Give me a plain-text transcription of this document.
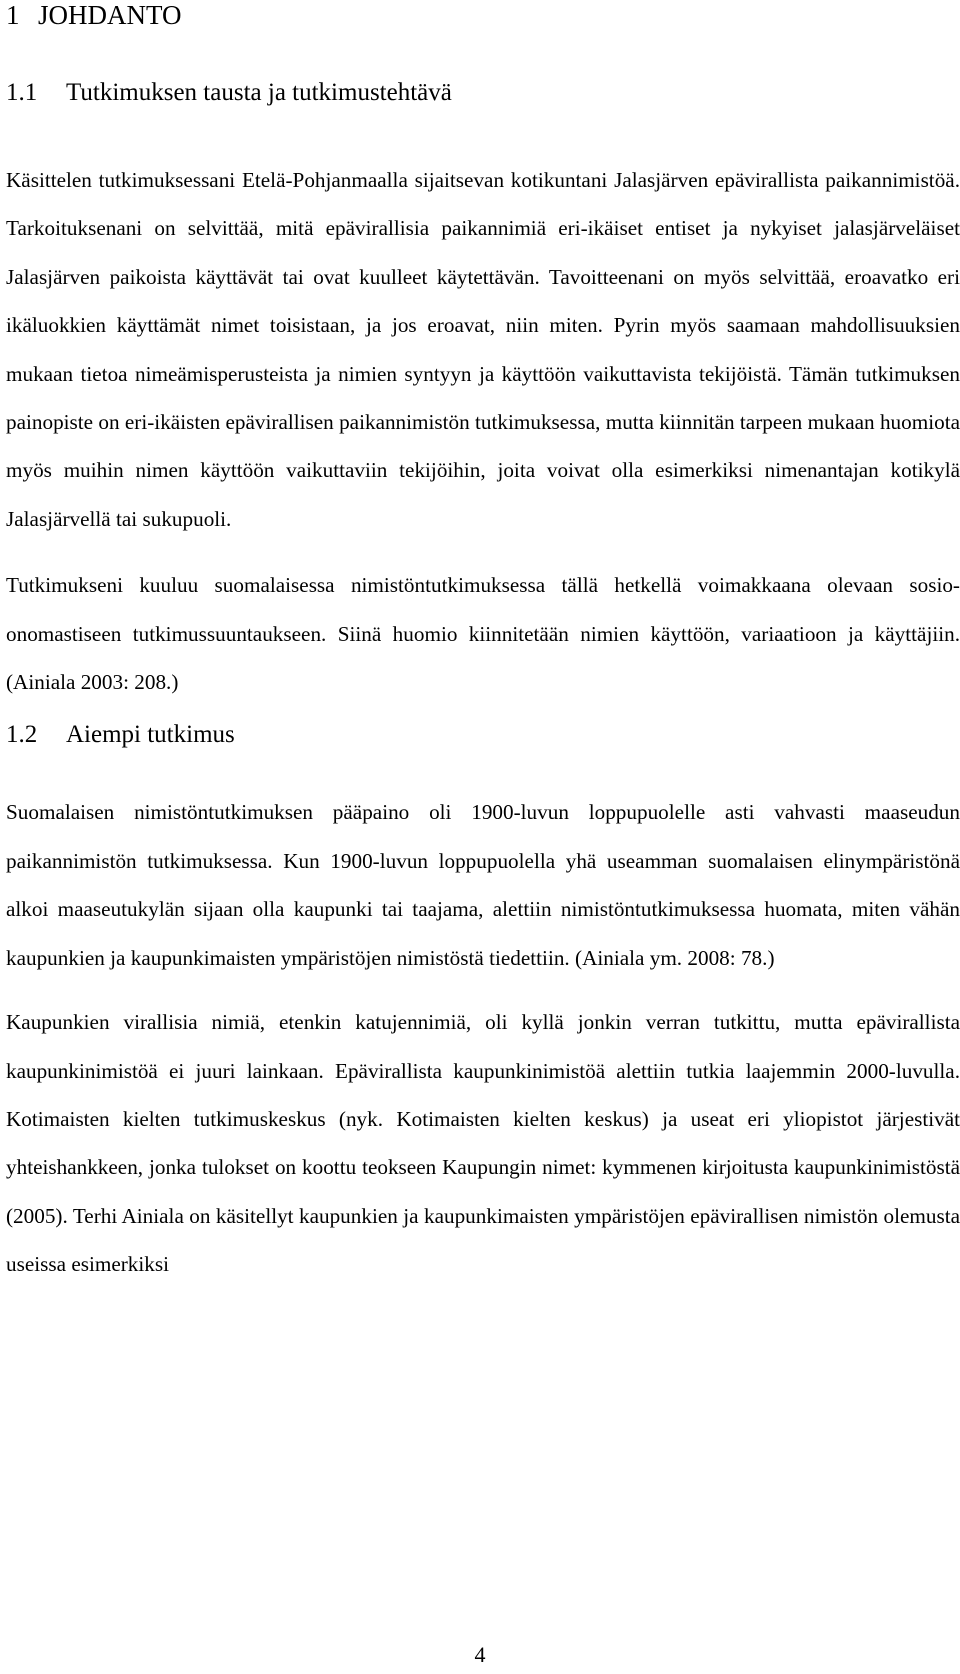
1 JOHDANTO
1.1 Tutkimuksen tausta ja tutkimustehtävä

Käsittelen tutkimuksessani Etelä-Pohjanmaalla sijaitsevan kotikuntani Jalasjärven epävirallista paikannimistöä. Tarkoituksenani on selvittää, mitä epävirallisia paikannimiä eri-ikäiset entiset ja nykyiset jalasjärveläiset Jalasjärven paikoista käyttävät tai ovat kuulleet käytettävän. Tavoitteenani on myös selvittää, eroavatko eri ikäluokkien käyttämät nimet toisistaan, ja jos eroavat, niin miten. Pyrin myös saamaan mahdollisuuksien mukaan tietoa nimeämisperusteista ja nimien syntyyn ja käyttöön vaikuttavista tekijöistä. Tämän tutkimuksen painopiste on eri-ikäisten epävirallisen paikannimistön tutkimuksessa, mutta kiinnitän tarpeen mukaan huomiota myös muihin nimen käyttöön vaikuttaviin tekijöihin, joita voivat olla esimerkiksi nimenantajan kotikylä Jalasjärvellä tai sukupuoli.

Tutkimukseni kuuluu suomalaisessa nimistöntutkimuksessa tällä hetkellä voimakkaana olevaan sosio-onomastiseen tutkimussuuntaukseen. Siinä huomio kiinnitetään nimien käyttöön, variaatioon ja käyttäjiin. (Ainiala 2003: 208.)

1.2 Aiempi tutkimus

Suomalaisen nimistöntutkimuksen pääpaino oli 1900-luvun loppupuolelle asti vahvasti maaseudun paikannimistön tutkimuksessa. Kun 1900-luvun loppupuolella yhä useamman suomalaisen elinympäristönä alkoi maaseutukylän sijaan olla kaupunki tai taajama, alettiin nimistöntutkimuksessa huomata, miten vähän kaupunkien ja kaupunkimaisten ympäristöjen nimistöstä tiedettiin. (Ainiala ym. 2008: 78.)

Kaupunkien virallisia nimiä, etenkin katujennimiä, oli kyllä jonkin verran tutkittu, mutta epävirallista kaupunkinimistöä ei juuri lainkaan. Epävirallista kaupunkinimistöä alettiin tutkia laajemmin 2000-luvulla. Kotimaisten kielten tutkimuskeskus (nyk. Kotimaisten kielten keskus) ja useat eri yliopistot järjestivät yhteishankkeen, jonka tulokset on koottu teokseen Kaupungin nimet: kymmenen kirjoitusta kaupunkinimistöstä (2005). Terhi Ainiala on käsitellyt kaupunkien ja kaupunkimaisten ympäristöjen epävirallisen nimistön olemusta useissa esimerkiksi

4
